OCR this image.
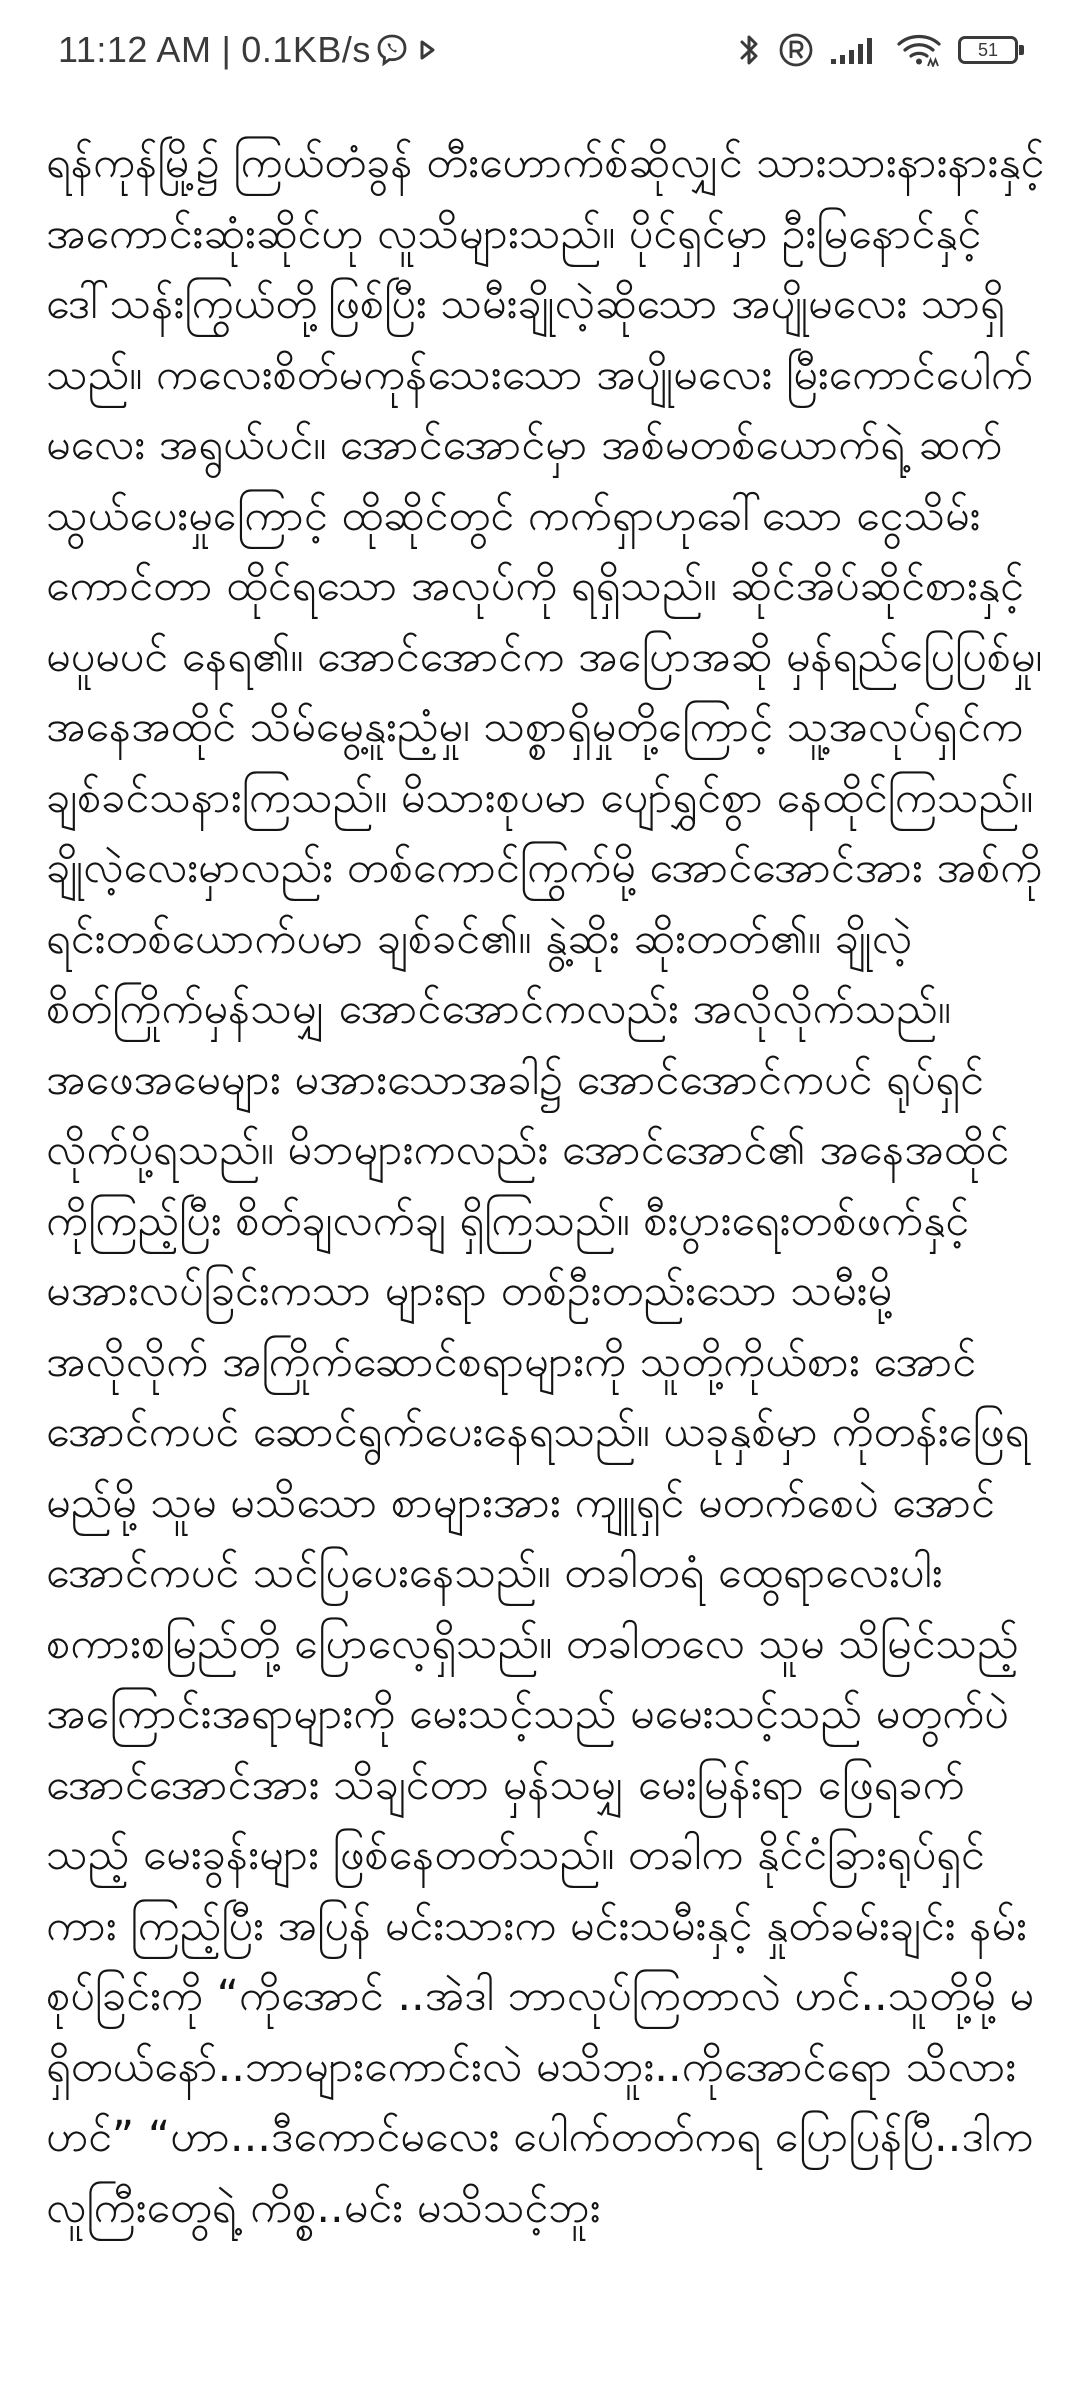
11:12 AM | 0.1KB/s	51

ရန်ကုန်မြို့၌ ကြယ်တံခွန် တီးဟောက်စ်ဆိုလျှင် သားသားနားနားနှင့် အကောင်းဆုံးဆိုင်ဟု လူသိများသည်။ ပိုင်ရှင်မှာ ဦးမြနောင်နှင့် ဒေါ်သန်းကြွယ်တို့ဖြစ်ပြီး သမီးချိုလဲ့ဆိုသော အပျိုမလေး သာရှိသည်။ ကလေးစိတ်မကုန်သေးသော အပျိုမလေး မြီးကောင်ပေါက်မလေး အရွယ်ပင်။ အောင်အောင်မှာ အစ်မတစ်ယောက်ရဲ့ ဆက်သွယ်ပေးမှုကြောင့် ထိုဆိုင်တွင် ကက်ရှာဟုခေါ်သော ငွေသိမ်းကောင်တာ ထိုင်ရသော အလုပ်ကို ရရှိသည်။ ဆိုင်အိပ်ဆိုင်စားနှင့် မပူမပင် နေရ၏။ အောင်အောင်က အပြောအဆို မှန်ရည်ပြေပြစ်မှု၊ အနေအထိုင် သိမ်မွေ့နူးညံ့မှု၊ သစ္စာရှိမှုတို့ကြောင့် သူ့အလုပ်ရှင်က ချစ်ခင်သနားကြသည်။ မိသားစုပမာ ပျော်ရွှင်စွာ နေထိုင်ကြသည်။ ချိုလဲ့လေးမှာလည်း တစ်ကောင်ကြွက်မို့ အောင်အောင်အား အစ်ကိုရင်းတစ်ယောက်ပမာ ချစ်ခင်၏။ နွဲ့ဆိုး ဆိုးတတ်၏။ ချိုလဲ့ စိတ်ကြိုက်မှန်သမျှ အောင်အောင်ကလည်း အလိုလိုက်သည်။ အဖေအမေများ မအားသောအခါ၌ အောင်အောင်ကပင် ရုပ်ရှင် လိုက်ပို့ရသည်။ မိဘများကလည်း အောင်အောင်၏ အနေအထိုင်ကိုကြည့်ပြီး စိတ်ချလက်ချ ရှိကြသည်။ စီးပွားရေးတစ်ဖက်နှင့် မအားလပ်ခြင်းကသာ များရာ တစ်ဦးတည်းသော သမီးမို့ အလိုလိုက် အကြိုက်ဆောင်စရာများကို သူတို့ကိုယ်စား အောင်အောင်ကပင် ဆောင်ရွက်ပေးနေရသည်။ ယခုနှစ်မှာ ကိုတန်းဖြေရမည်မို့ သူမ မသိသော စာများအား ကျူရှင် မတက်စေပဲ အောင်အောင်ကပင် သင်ပြပေးနေသည်။ တခါတရံ ထွေရာလေးပါး စကားစမြည်တို့ ပြောလေ့ရှိသည်။ တခါတလေ သူမ သိမြင်သည့် အကြောင်းအရာများကို မေးသင့်သည် မမေးသင့်သည် မတွက်ပဲ အောင်အောင်အား သိချင်တာ မှန်သမျှ မေးမြန်းရာ ဖြေရခက်သည့် မေးခွန်းများ ဖြစ်နေတတ်သည်။ တခါက နိုင်ငံခြားရုပ်ရှင်ကား ကြည့်ပြီး အပြန် မင်းသားက မင်းသမီးနှင့် နှုတ်ခမ်းချင်း နမ်းစုပ်ခြင်းကို “ကိုအောင် ..အဲဒါ ဘာလုပ်ကြတာလဲ ဟင်..သူတို့မို့ မရှိတယ်နော်..ဘာများကောင်းလဲ မသိဘူး..ကိုအောင်ရော သိလားဟင်” “ဟာ...ဒီကောင်မလေး ပေါက်တတ်ကရ ပြောပြန်ပြီ..ဒါက လူကြီးတွေရဲ့ ကိစ္စ..မင်း မသိသင့်ဘူး
